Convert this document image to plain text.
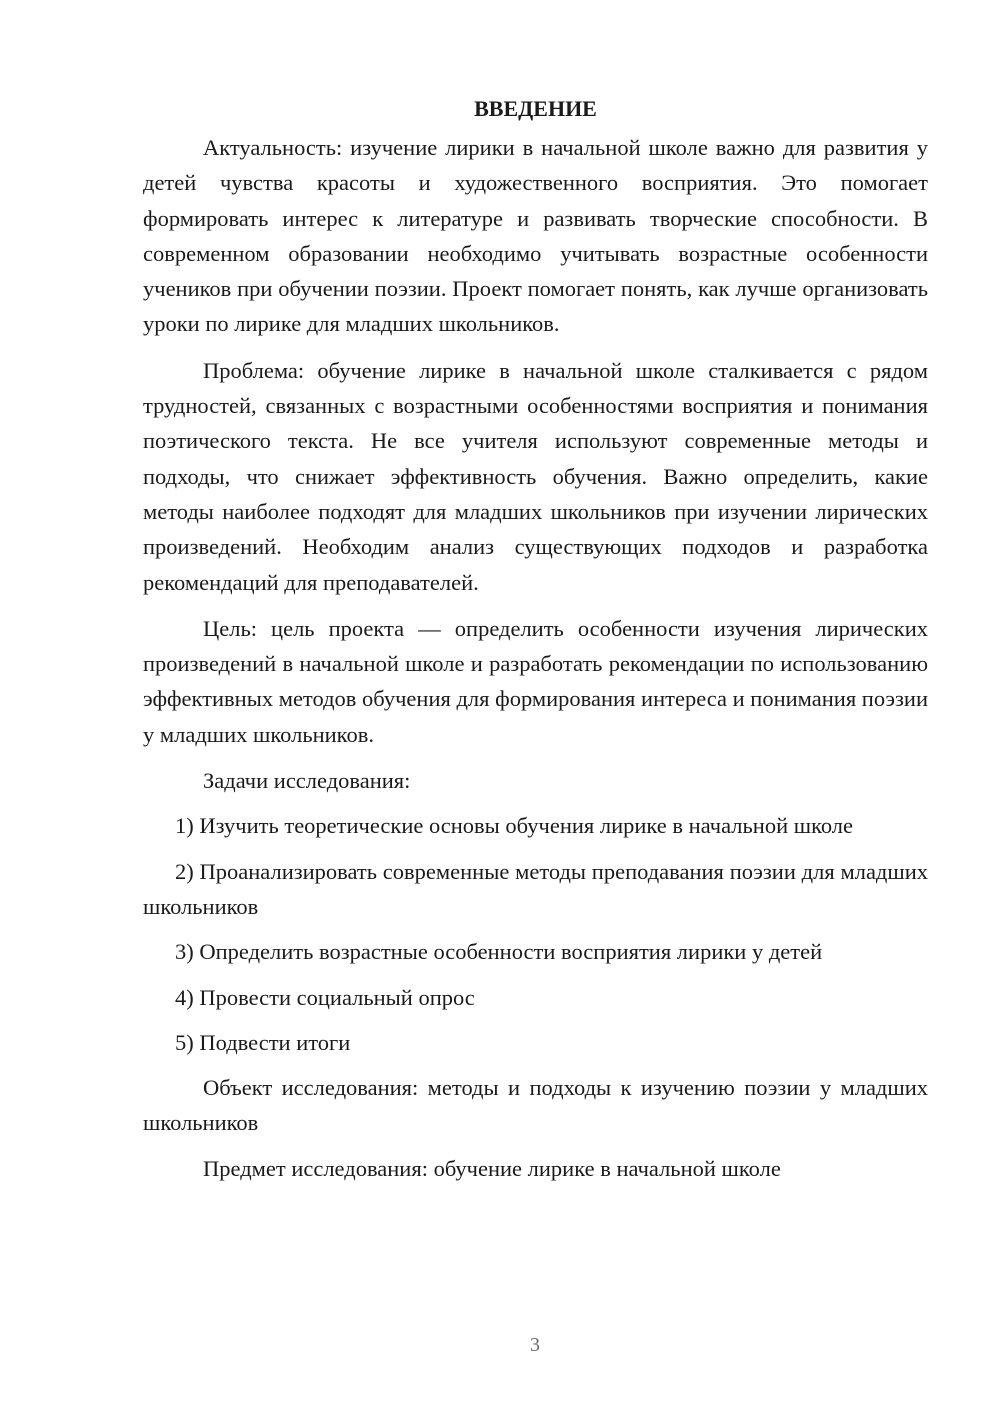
ВВЕДЕНИЕ

Актуальность: изучение лирики в начальной школе важно для развития у детей чувства красоты и художественного восприятия. Это помогает формировать интерес к литературе и развивать творческие способности. В современном образовании необходимо учитывать возрастные особенности учеников при обучении поэзии. Проект помогает понять, как лучше организовать уроки по лирике для младших школьников.

Проблема: обучение лирике в начальной школе сталкивается с рядом трудностей, связанных с возрастными особенностями восприятия и понимания поэтического текста. Не все учителя используют современные методы и подходы, что снижает эффективность обучения. Важно определить, какие методы наиболее подходят для младших школьников при изучении лирических произведений. Необходим анализ существующих подходов и разработка рекомендаций для преподавателей.

Цель: цель проекта — определить особенности изучения лирических произведений в начальной школе и разработать рекомендации по использованию эффективных методов обучения для формирования интереса и понимания поэзии у младших школьников.

Задачи исследования:

1) Изучить теоретические основы обучения лирике в начальной школе

2) Проанализировать современные методы преподавания поэзии для младших школьников

3) Определить возрастные особенности восприятия лирики у детей

4) Провести социальный опрос

5) Подвести итоги

Объект исследования: методы и подходы к изучению поэзии у младших школьников

Предмет исследования: обучение лирике в начальной школе

3
